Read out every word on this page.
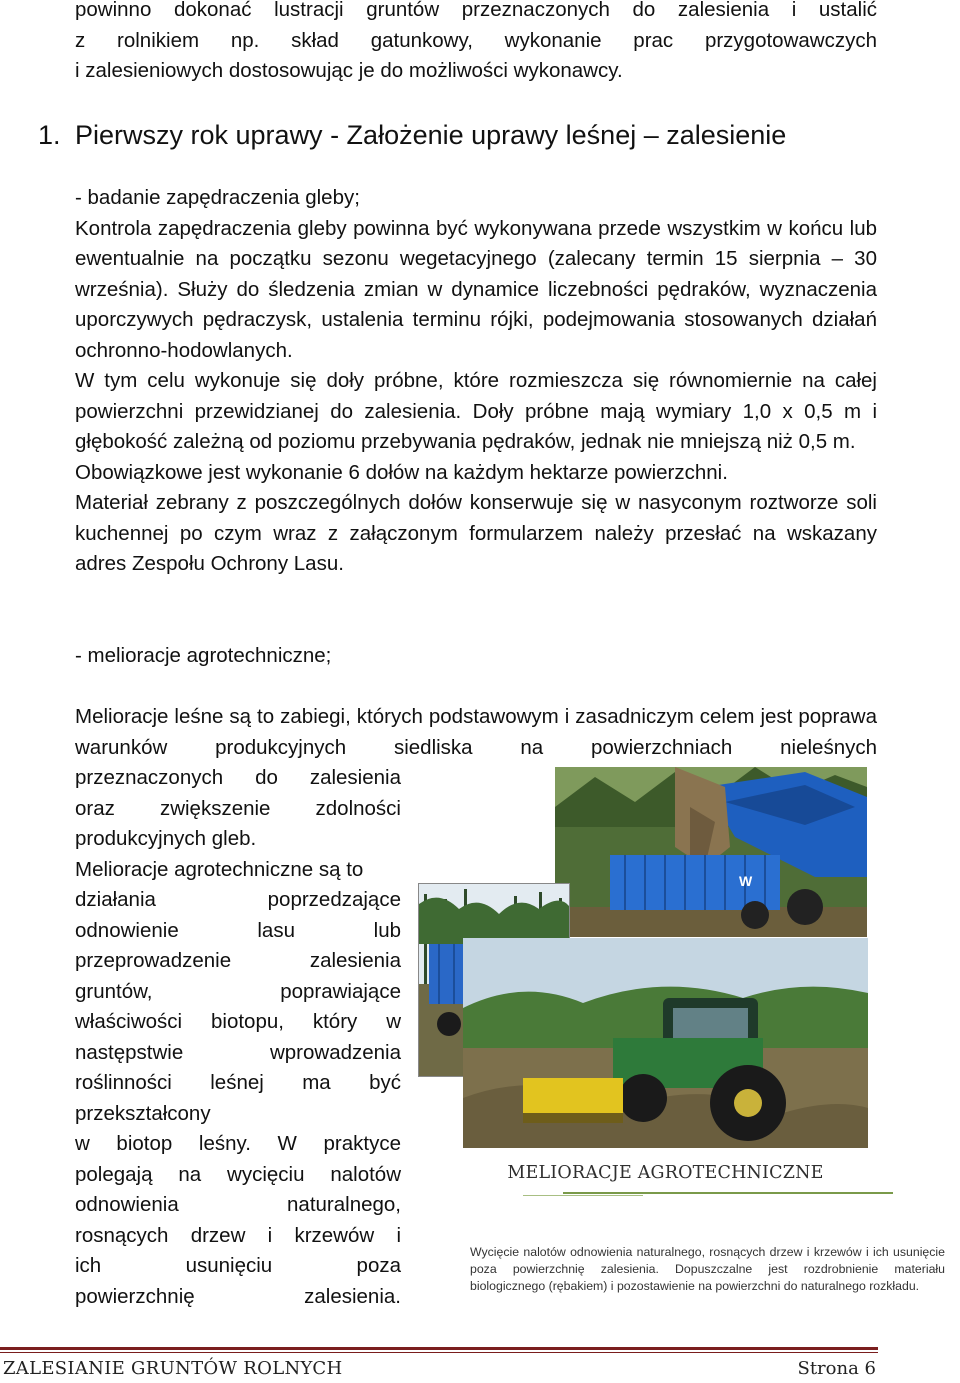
powinno dokonać lustracji gruntów przeznaczonych do zalesienia i ustalić

z rolnikiem np. skład gatunkowy, wykonanie prac przygotowawczych

i zalesieniowych dostosowując je do możliwości wykonawcy.

1. Pierwszy rok uprawy - Założenie uprawy leśnej – zalesienie

- badanie zapędraczenia gleby;

Kontrola zapędraczenia gleby powinna być wykonywana przede wszystkim w końcu lub ewentualnie na początku sezonu wegetacyjnego (zalecany termin 15 sierpnia – 30 września). Służy do śledzenia zmian w dynamice liczebności pędraków, wyznaczenia uporczywych pędraczysk, ustalenia terminu rójki, podejmowania stosowanych działań ochronno-hodowlanych.

W tym celu wykonuje się doły próbne, które rozmieszcza się równomiernie na całej powierzchni przewidzianej do zalesienia. Doły próbne mają wymiary 1,0 x 0,5 m i głębokość zależną od poziomu przebywania pędraków, jednak nie mniejszą niż 0,5 m.

Obowiązkowe jest wykonanie 6 dołów na każdym hektarze powierzchni.

Materiał zebrany z poszczególnych dołów konserwuje się w nasyconym roztworze soli kuchennej po czym wraz z załączonym formularzem należy przesłać na wskazany adres Zespołu Ochrony Lasu.

- melioracje agrotechniczne;

Melioracje leśne są to zabiegi, których podstawowym i zasadniczym celem jest poprawa warunków produkcyjnych siedliska na powierzchniach nieleśnych

przeznaczonych do zalesienia

oraz zwiększenie zdolności

produkcyjnych gleb.

Melioracje agrotechniczne są to

działania poprzedzające

odnowienie lasu lub

przeprowadzenie zalesienia

gruntów, poprawiające

właściwości biotopu, który w

następstwie wprowadzenia

roślinności leśnej ma być

przekształcony

w biotop leśny. W praktyce

polegają na wycięciu nalotów

odnowienia naturalnego,

rosnących drzew i krzewów i

ich usunięciu poza

powierzchnię zalesienia.

W
MELIORACJE AGROTECHNICZNE
Wycięcie nalotów odnowienia naturalnego, rosnących drzew i krzewów i ich usunięcie poza powierzchnię zalesienia. Dopuszczalne jest rozdrobnienie materiału biologicznego (rębakiem) i pozostawienie na powierzchni do naturalnego rozkładu.
ZALESIANIE GRUNTÓW ROLNYCH	Strona 6
